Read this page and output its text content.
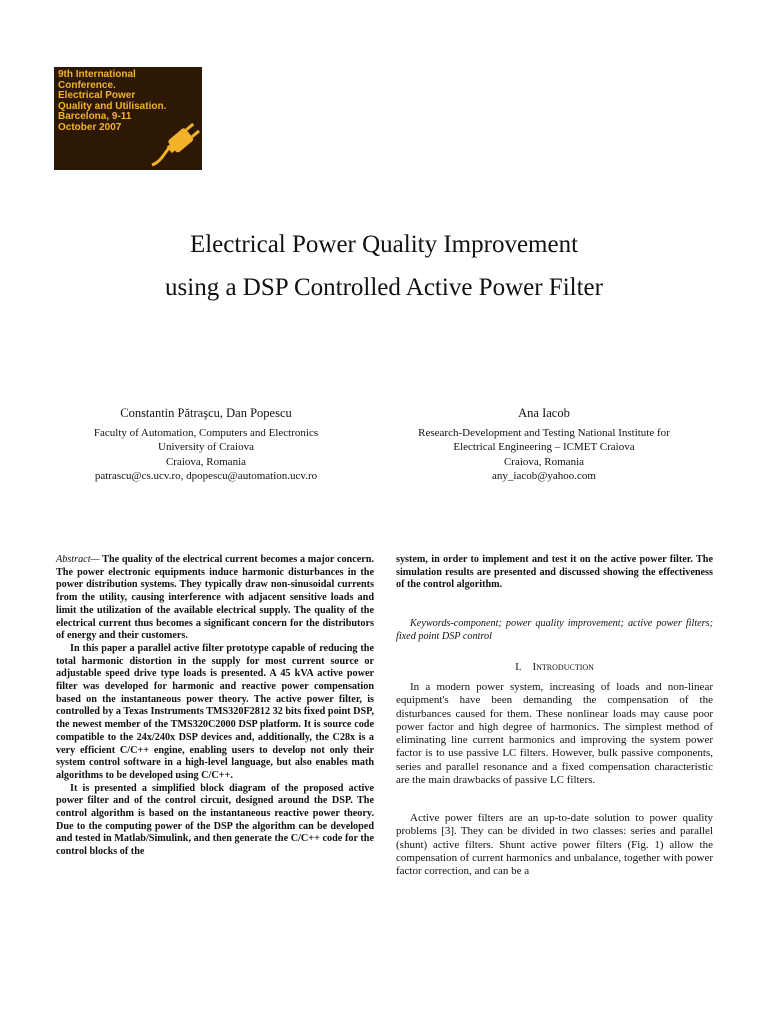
9th International
Conference.
Electrical Power
Quality and Utilisation.
Barcelona, 9-11
October 2007
Electrical Power Quality Improvement
using a DSP Controlled Active Power Filter
Constantin Pătraşcu, Dan Popescu
Faculty of Automation, Computers and Electronics
University of Craiova
Craiova, Romania
patrascu@cs.ucv.ro, dpopescu@automation.ucv.ro
Ana Iacob
Research-Development and Testing National Institute for
Electrical Engineering – ICMET Craiova
Craiova, Romania
any_iacob@yahoo.com

Abstract— The quality of the electrical current becomes a major concern. The power electronic equipments induce harmonic disturbances in the power distribution systems. They typically draw non-sinusoidal currents from the utility, causing interference with adjacent sensitive loads and limit the utilization of the available electrical supply. The quality of the electrical current thus becomes a significant concern for the distributors of energy and their customers.

In this paper a parallel active filter prototype capable of reducing the total harmonic distortion in the supply for most current source or adjustable speed drive type loads is presented. A 45 kVA active power filter was developed for harmonic and reactive power compensation based on the instantaneous power theory. The active power filter, is controlled by a Texas Instruments TMS320F2812 32 bits fixed point DSP, the newest member of the TMS320C2000 DSP platform. It is source code compatible to the 24x/240x DSP devices and, additionally, the C28x is a very efficient C/C++ engine, enabling users to develop not only their system control software in a high-level language, but also enables math algorithms to be developed using C/C++.

It is presented a simplified block diagram of the proposed active power filter and of the control circuit, designed around the DSP. The control algorithm is based on the instantaneous reactive power theory. Due to the computing power of the DSP the algorithm can be developed and tested in Matlab/Simulink, and then generate the C/C++ code for the control blocks of the

system, in order to implement and test it on the active power filter. The simulation results are presented and discussed showing the effectiveness of the control algorithm.
Keywords-component; power quality improvement; active power filters; fixed point DSP control
I. Introduction
In a modern power system, increasing of loads and non-linear equipment's have been demanding the compensation of the disturbances caused for them. These nonlinear loads may cause poor power factor and high degree of harmonics. The simplest method of eliminating line current harmonics and improving the system power factor is to use passive LC filters. However, bulk passive components, series and parallel resonance and a fixed compensation characteristic are the main drawbacks of passive LC filters.
Active power filters are an up-to-date solution to power quality problems [3]. They can be divided in two classes: series and parallel (shunt) active filters. Shunt active power filters (Fig. 1) allow the compensation of current harmonics and unbalance, together with power factor correction, and can be a
